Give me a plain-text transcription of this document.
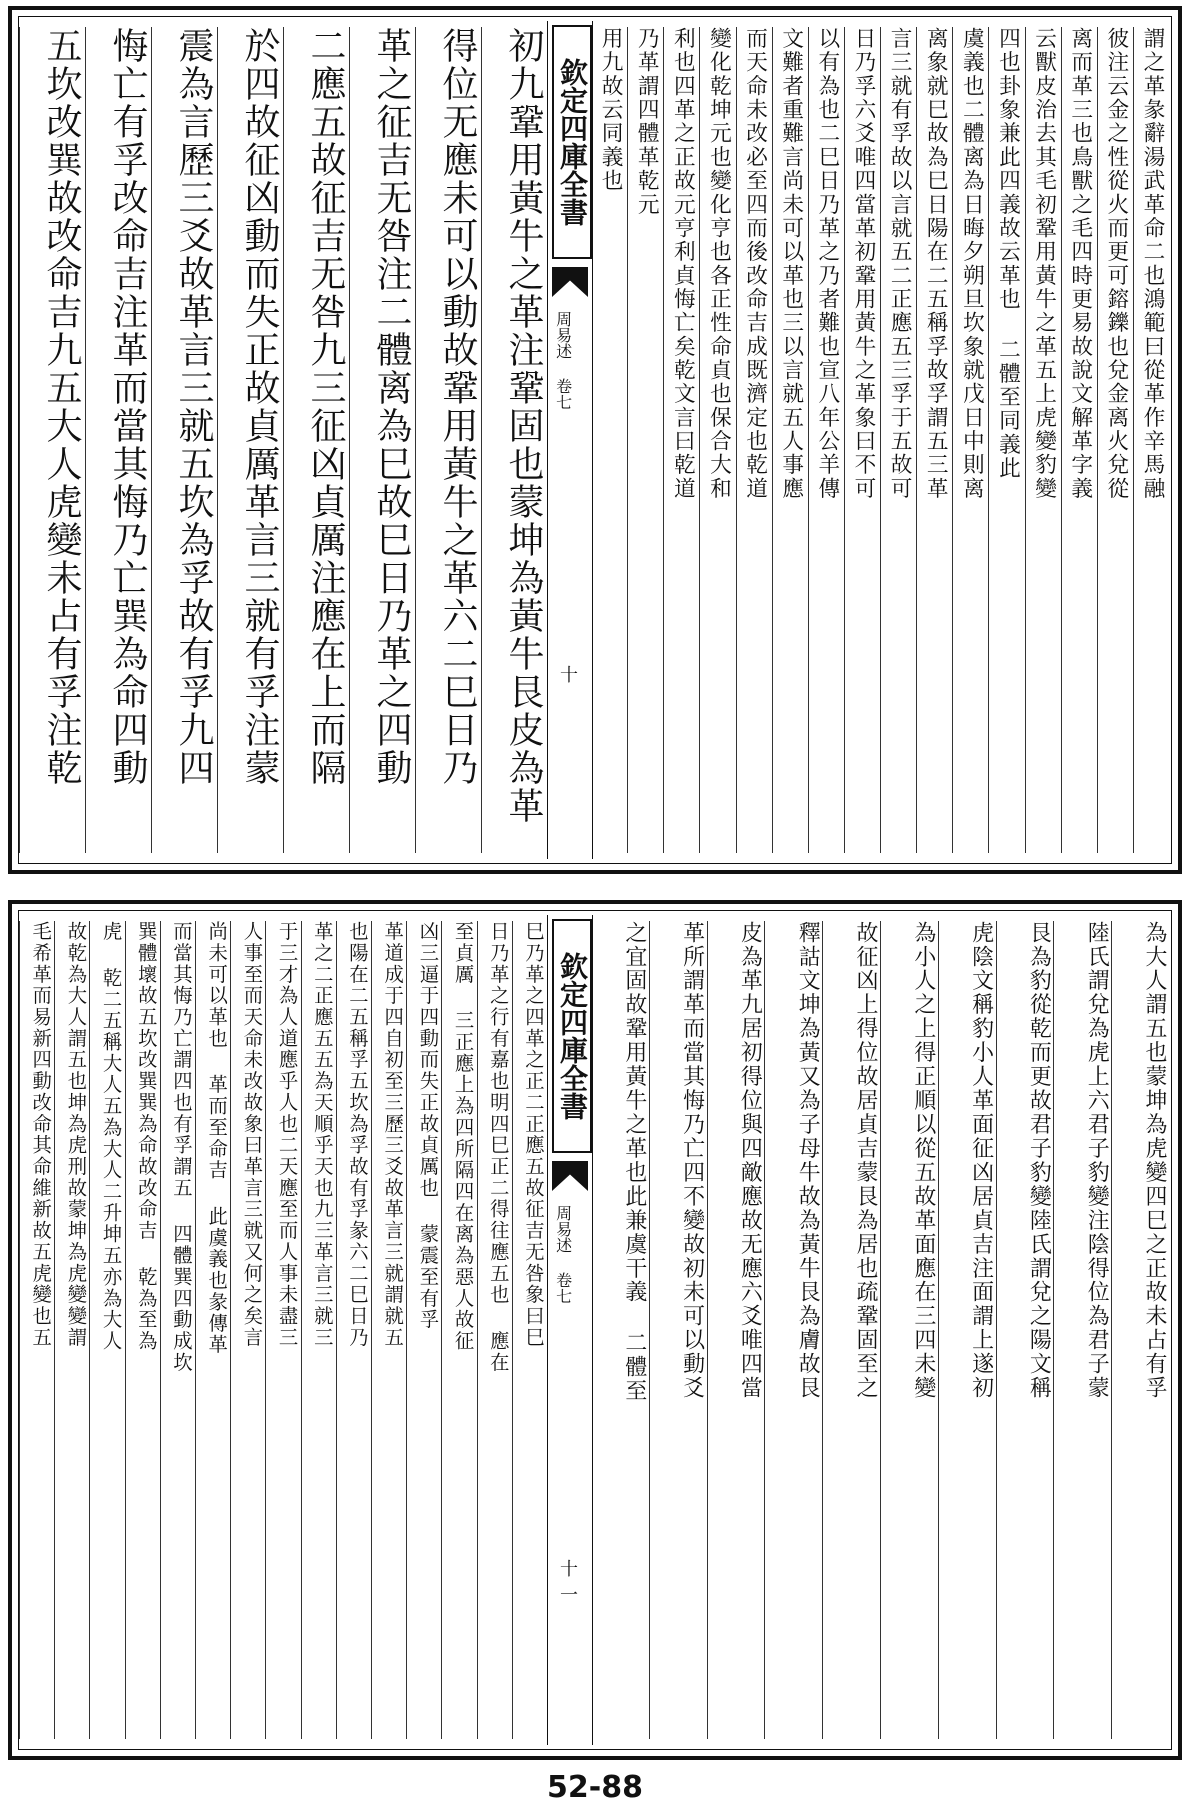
謂之革彖辭湯武革命二也鴻範曰從革作辛馬融
彼注云金之性從火而更可鎔鑠也兌金离火兌從
离而革三也鳥獸之毛四時更易故說文解革字義
云獸皮治去其毛初鞏用黃牛之革五上虎變豹變
四也卦象兼此四義故云革也 二體至同義此
虞義也二體离為日晦夕朔旦坎象就戊日中則离
离象就巳故為巳日陽在二五稱孚故孚謂五三革
言三就有孚故以言就五二正應五三孚于五故可
日乃孚六爻唯四當革初鞏用黃牛之革象曰不可
以有為也二巳日乃革之乃者難也宣八年公羊傳
文難者重難言尚未可以革也三以言就五人事應
而天命未改必至四而後改命吉成既濟定也乾道
變化乾坤元也變化亨也各正性命貞也保合大和
利也四革之正故元亨利貞悔亡矣乾文言曰乾道
乃革謂四體革乾元
用九故云同義也
欽定四庫全書
周易述 卷七
十
初九鞏用黃牛之革注鞏固也蒙坤為黃牛艮皮為革
得位无應未可以動故鞏用黃牛之革六二巳日乃
革之征吉无咎注二體离為巳故巳日乃革之四動
二應五故征吉无咎九三征凶貞厲注應在上而隔
於四故征凶動而失正故貞厲革言三就有孚注蒙
震為言歷三爻故革言三就五坎為孚故有孚九四
悔亡有孚改命吉注革而當其悔乃亡巽為命四動
五坎改巽故改命吉九五大人虎變未占有孚注乾
為大人謂五也蒙坤為虎變四巳之正故未占有孚
陸氏謂兌為虎上六君子豹變注陰得位為君子蒙
艮為豹從乾而更故君子豹變陸氏謂兌之陽文稱
虎陰文稱豹小人革面征凶居貞吉注面謂上遂初
為小人之上得正順以從五故革面應在三四未變
故征凶上得位故居貞吉蒙艮為居也疏鞏固至之
釋詁文坤為黃又為子母牛故為黃牛艮為膚故艮
皮為革九居初得位與四敵應故无應六爻唯四當
革所謂革而當其悔乃亡四不變故初未可以動爻
之宜固故鞏用黃牛之革也此兼虞干義 二體至
欽定四庫全書
周易述 卷七
十一
巳乃革之四革之正二正應五故征吉无咎象曰巳
日乃革之行有嘉也明四巳正二得往應五也 應在
至貞厲 三正應上為四所隔四在离為惡人故征
凶三逼于四動而失正故貞厲也 蒙震至有孚
革道成于四自初至三歷三爻故革言三就謂就五
也陽在二五稱孚五坎為孚故有孚彖六二巳日乃
革之二正應五五為天順乎天也九三革言三就三
于三才為人道應乎人也二天應至而人事未盡三
人事至而天命未改故象曰革言三就又何之矣言
尚未可以革也 革而至命吉 此虞義也彖傳革
而當其悔乃亡謂四也有孚謂五 四體巽四動成坎
巽體壞故五坎改巽巽為命故改命吉 乾為至為
虎 乾二五稱大人五為大人二升坤五亦為大人
故乾為大人謂五也坤為虎刑故蒙坤為虎變變謂
毛希革而易新四動改命其命維新故五虎變也五
52-88
